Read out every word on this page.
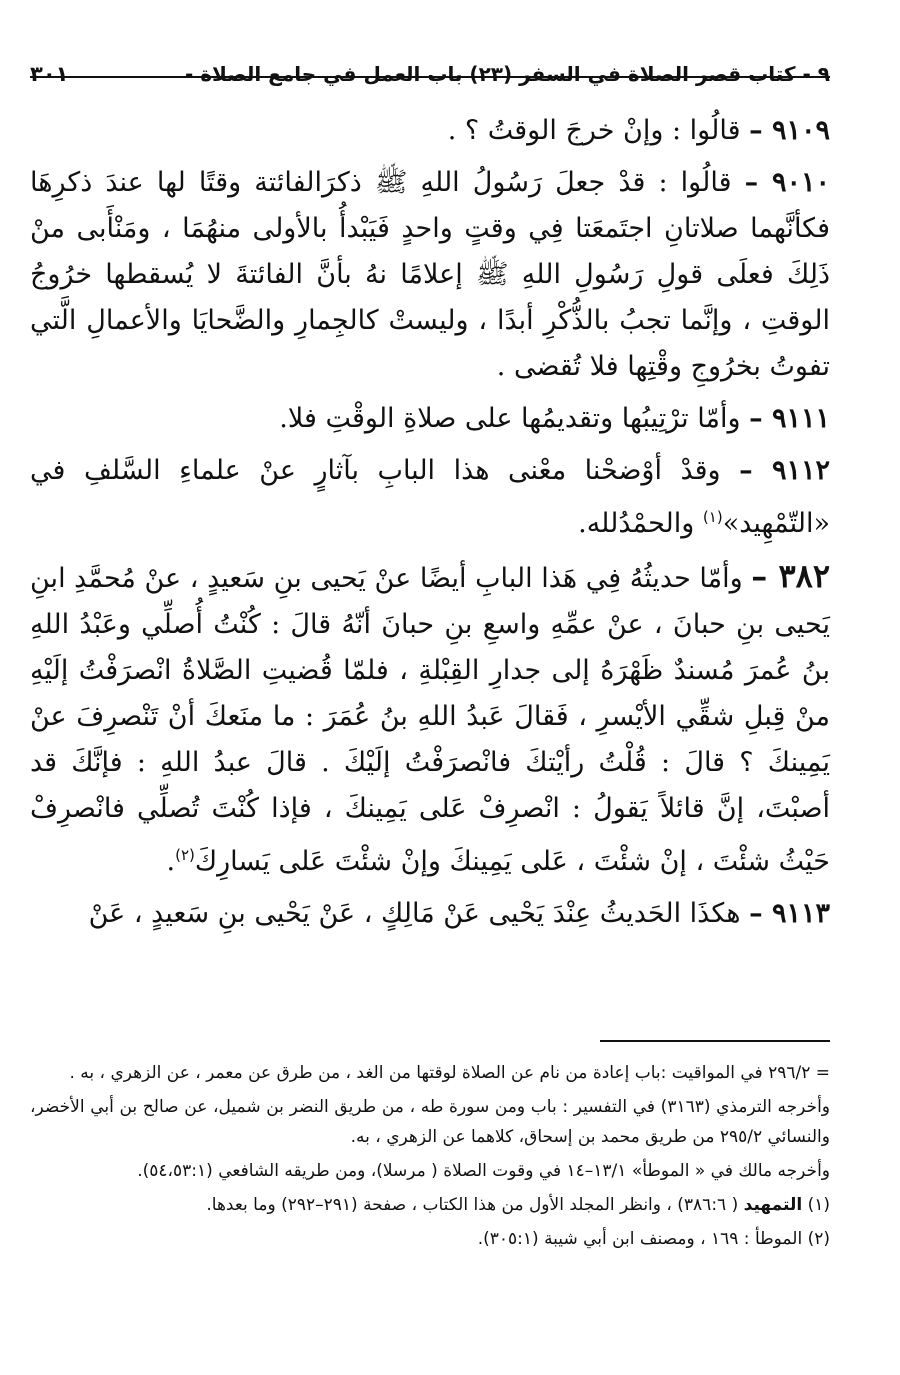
٩ - كتاب قصر الصلاة في السفر (٢٣) باب العمل في جامع الصلاة -
٣٠١

٩١٠٩ – قالُوا : وإنْ خرجَ الوقتُ ؟ .

٩٠١٠ – قالُوا : قدْ جعلَ رَسُولُ اللهِ ﷺ ذكرَالفائتة وقتًا لها عندَ ذكرِهَا فكأنَّهما صلاتانِ اجتَمعَتا فِي وقتٍ واحدٍ فَيَبْدأُ بالأولى منهُمَا ، ومَنْأَبى منْ ذَلِكَ فعلَى قولِ رَسُولِ اللهِ ﷺ إعلامًا نهُ بأنَّ الفائتةَ لا يُسقطها خرُوجُ الوقتِ ، وإنَّما تجبُ بالذُّكْرِ أبدًا ، وليستْ كالجِمارِ والضَّحايَا والأعمالِ الَّتي تفوتُ بخرُوجِ وقْتِها فلا تُقضى .

٩١١١ – وأمّا ترْتِيبُها وتقديمُها على صلاةِ الوقْتِ فلا.

٩١١٢ – وقدْ أوْضحْنا معْنى هذا البابِ بآثارٍ عنْ علماءِ السَّلفِ في «التّمْهِيد»$^{(١)}$ والحمْدُلله.

٣٨٢ – وأمّا حديثُهُ فِي هَذا البابِ أيضًا عنْ يَحيى بنِ سَعيدٍ ، عنْ مُحمَّدِ ابنِ يَحيى بنِ حبانَ ، عنْ عمِّهِ واسعِ بنِ حبانَ أنّهُ قالَ : كُنْتُ أُصلِّي وعَبْدُ اللهِ بنُ عُمرَ مُسندٌ ظَهْرَهُ إلى جدارِ القِبْلةِ ، فلمّا قُضيتِ الصَّلاةُ انْصرَفْتُ إلَيْهِ منْ قِبلِ شقِّي الأيْسرِ ، فَقالَ عَبدُ اللهِ بنُ عُمَرَ : ما منَعكَ أنْ تَنْصرِفَ عنْ يَمِينكَ ؟ قالَ : قُلْتُ رأيْتكَ فانْصرَفْتُ إلَيْكَ . قالَ عبدُ اللهِ : فإنَّكَ قد أصبْتَ، إنَّ قائلاً يَقولُ : انْصرِفْ عَلى يَمِينكَ ، فإذا كُنْتَ تُصلِّي فانْصرِفْ حَيْثُ شئْتَ ، إنْ شئْتَ ، عَلى يَمِينكَ وإنْ شئْتَ عَلى يَسارِكَ$^{(٢)}$.

٩١١٣ – هكذَا الحَديثُ عِنْدَ يَحْيى عَنْ مَالِكٍ ، عَنْ يَحْيى بنِ سَعيدٍ ، عَنْ

= ٢٩٦/٢ في المواقيت :باب إعادة من نام عن الصلاة لوقتها من الغد ، من طرق عن معمر ، عن الزهري ، به .

وأخرجه الترمذي (٣١٦٣) في التفسير : باب ومن سورة طه ، من طريق النضر بن شميل، عن صالح بن أبي الأخضر، والنسائي ٢٩٥/٢ من طريق محمد بن إسحاق، كلاهما عن الزهري ، به.

وأخرجه مالك في « الموطأ» ١٣/١–١٤ في وقوت الصلاة ( مرسلا)، ومن طريقه الشافعي (٥٤،٥٣:١).

(١) التمهيد ( ٣٨٦:٦) ، وانظر المجلد الأول من هذا الكتاب ، صفحة (٢٩١–٢٩٢) وما بعدها.

(٢) الموطأ : ١٦٩ ، ومصنف ابن أبي شيبة (٣٠٥:١).
